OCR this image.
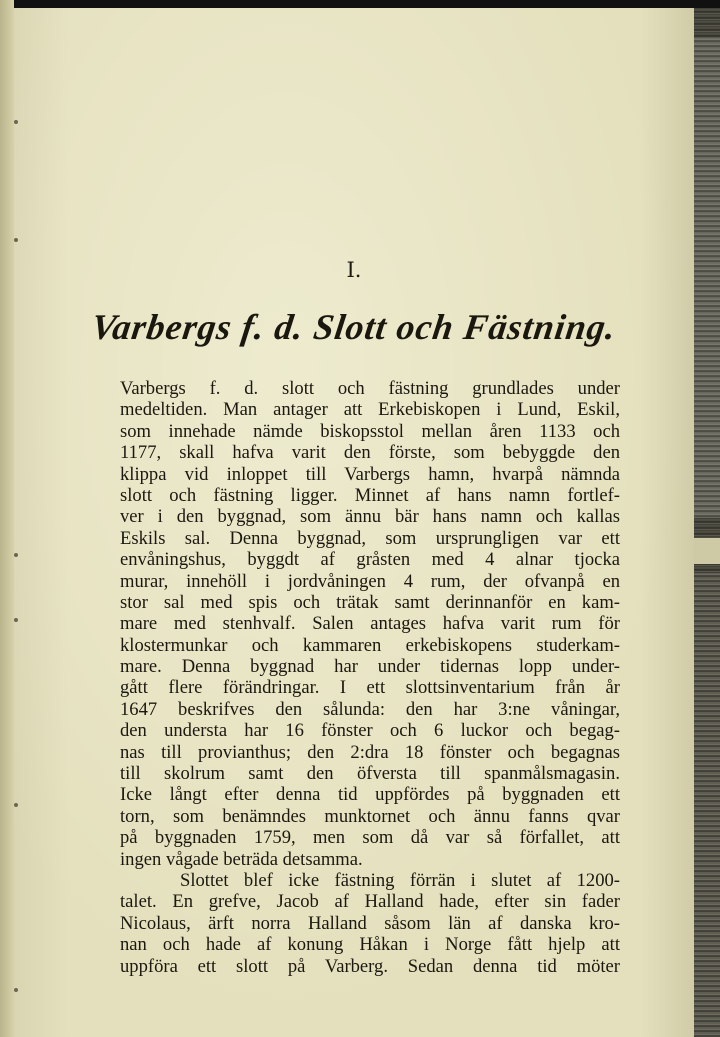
I.
Varbergs f. d. Slott och Fästning.
Varbergs f. d. slott och fästning grundlades under
medeltiden. Man antager att Erkebiskopen i Lund, Eskil,
som innehade nämde biskopsstol mellan åren 1133 och
1177, skall hafva varit den förste, som bebyggde den
klippa vid inloppet till Varbergs hamn, hvarpå nämnda
slott och fästning ligger. Minnet af hans namn fortlef-
ver i den byggnad, som ännu bär hans namn och kallas
Eskils sal. Denna byggnad, som ursprungligen var ett
envåningshus, byggdt af gråsten med 4 alnar tjocka
murar, innehöll i jordvåningen 4 rum, der ofvanpå en
stor sal med spis och trätak samt derinnanför en kam-
mare med stenhvalf. Salen antages hafva varit rum för
klostermunkar och kammaren erkebiskopens studerkam-
mare. Denna byggnad har under tidernas lopp under-
gått flere förändringar. I ett slottsinventarium från år
1647 beskrifves den sålunda: den har 3:ne våningar,
den understa har 16 fönster och 6 luckor och begag-
nas till provianthus; den 2:dra 18 fönster och begagnas
till skolrum samt den öfversta till spanmålsmagasin.
Icke långt efter denna tid uppfördes på byggnaden ett
torn, som benämndes munktornet och ännu fanns qvar
på byggnaden 1759, men som då var så förfallet, att
ingen vågade beträda detsamma.
Slottet blef icke fästning förrän i slutet af 1200-
talet. En grefve, Jacob af Halland hade, efter sin fader
Nicolaus, ärft norra Halland såsom län af danska kro-
nan och hade af konung Håkan i Norge fått hjelp att
uppföra ett slott på Varberg. Sedan denna tid möter
